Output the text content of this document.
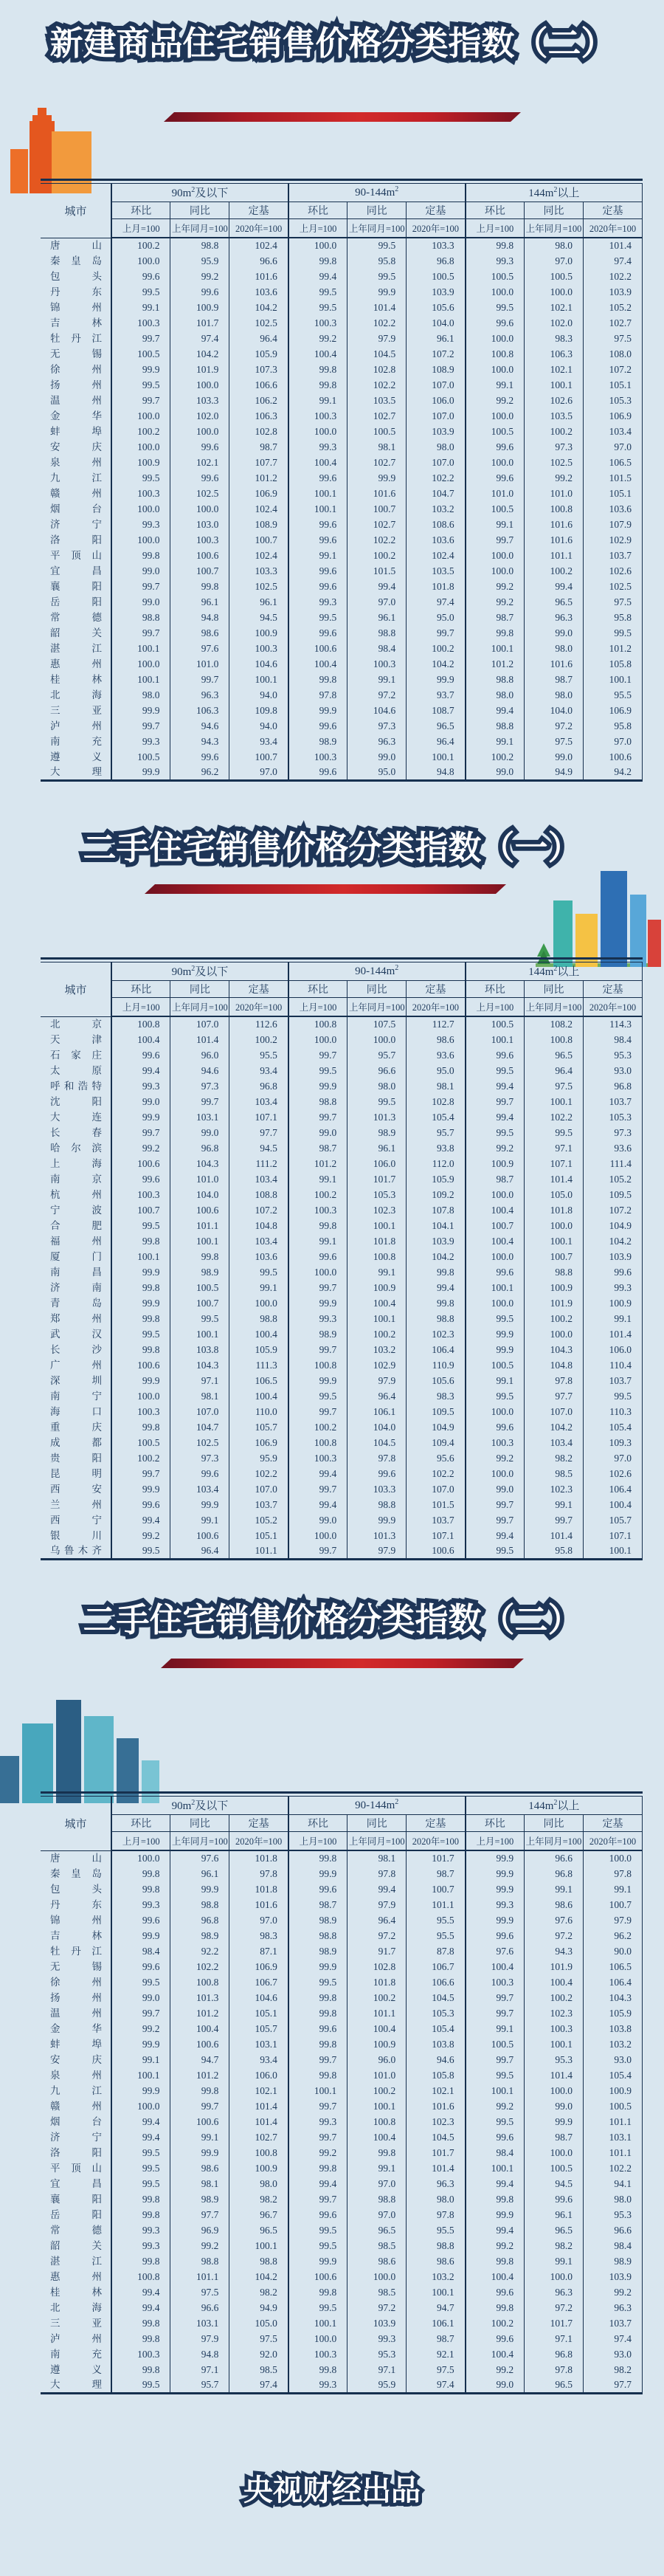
新建商品住宅销售价格分类指数（二）
城市	$90m^2$及以下			$90-144m^2$			$144m^2$以上		
	环比	同比	定基	环比	同比	定基	环比	同比	定基
	上月=100	上年同月=100	2020年=100	上月=100	上年同月=100	2020年=100	上月=100	上年同月=100	2020年=100
唐山	100.2	98.8	102.4	100.0	99.5	103.3	99.8	98.0	101.4
秦皇岛	100.0	95.9	96.6	99.8	95.8	96.8	99.3	97.0	97.4
包头	99.6	99.2	101.6	99.4	99.5	100.5	100.5	100.5	102.2
丹东	99.5	99.6	103.6	99.5	99.9	103.9	100.0	100.0	103.9
锦州	99.1	100.9	104.2	99.5	101.4	105.6	99.5	102.1	105.2
吉林	100.3	101.7	102.5	100.3	102.2	104.0	99.6	102.0	102.7
牡丹江	99.7	97.4	96.4	99.2	97.9	96.1	100.0	98.3	97.5
无锡	100.5	104.2	105.9	100.4	104.5	107.2	100.8	106.3	108.0
徐州	99.9	101.9	107.3	99.8	102.8	108.9	100.0	102.1	107.2
扬州	99.5	100.0	106.6	99.8	102.2	107.0	99.1	100.1	105.1
温州	99.7	103.3	106.2	99.1	103.5	106.0	99.2	102.6	105.3
金华	100.0	102.0	106.3	100.3	102.7	107.0	100.0	103.5	106.9
蚌埠	100.2	100.0	102.8	100.0	100.5	103.9	100.5	100.2	103.4
安庆	100.0	99.6	98.7	99.3	98.1	98.0	99.6	97.3	97.0
泉州	100.9	102.1	107.7	100.4	102.7	107.0	100.0	102.5	106.5
九江	99.5	99.6	101.2	99.6	99.9	102.2	99.6	99.2	101.5
赣州	100.3	102.5	106.9	100.1	101.6	104.7	101.0	101.0	105.1
烟台	100.0	100.0	102.4	100.1	100.7	103.2	100.5	100.8	103.6
济宁	99.3	103.0	108.9	99.6	102.7	108.6	99.1	101.6	107.9
洛阳	100.0	100.3	100.7	99.6	102.2	103.6	99.7	101.6	102.9
平顶山	99.8	100.6	102.4	99.1	100.2	102.4	100.0	101.1	103.7
宜昌	99.0	100.7	103.3	99.6	101.5	103.5	100.0	100.2	102.6
襄阳	99.7	99.8	102.5	99.6	99.4	101.8	99.2	99.4	102.5
岳阳	99.0	96.1	96.1	99.3	97.0	97.4	99.2	96.5	97.5
常德	98.8	94.8	94.5	99.5	96.1	95.0	98.7	96.3	95.8
韶关	99.7	98.6	100.9	99.6	98.8	99.7	99.8	99.0	99.5
湛江	100.1	97.6	100.3	100.6	98.4	100.2	100.1	98.0	101.2
惠州	100.0	101.0	104.6	100.4	100.3	104.2	101.2	101.6	105.8
桂林	100.1	99.7	100.1	99.8	99.1	99.9	98.8	98.7	100.1
北海	98.0	96.3	94.0	97.8	97.2	93.7	98.0	98.0	95.5
三亚	99.9	106.3	109.8	99.9	104.6	108.7	99.4	104.0	106.9
泸州	99.7	94.6	94.0	99.6	97.3	96.5	98.8	97.2	95.8
南充	99.3	94.3	93.4	98.9	96.3	96.4	99.1	97.5	97.0
遵义	100.5	99.6	100.7	100.3	99.0	100.1	100.2	99.0	100.6
大理	99.9	96.2	97.0	99.6	95.0	94.8	99.0	94.9	94.2
二手住宅销售价格分类指数（一）
城市	$90m^2$及以下			$90-144m^2$			$144m^2$以上		
	环比	同比	定基	环比	同比	定基	环比	同比	定基
	上月=100	上年同月=100	2020年=100	上月=100	上年同月=100	2020年=100	上月=100	上年同月=100	2020年=100
北京	100.8	107.0	112.6	100.8	107.5	112.7	100.5	108.2	114.3
天津	100.4	101.4	100.2	100.0	100.0	98.6	100.1	100.8	98.4
石家庄	99.6	96.0	95.5	99.7	95.7	93.6	99.6	96.5	95.3
太原	99.4	94.6	93.4	99.5	96.6	95.0	99.5	96.4	93.0
呼和浩特	99.3	97.3	96.8	99.9	98.0	98.1	99.4	97.5	96.8
沈阳	99.0	99.7	103.4	98.8	99.5	102.8	99.7	100.1	103.7
大连	99.9	103.1	107.1	99.7	101.3	105.4	99.4	102.2	105.3
长春	99.7	99.0	97.7	99.0	98.9	95.7	99.5	99.5	97.3
哈尔滨	99.2	96.8	94.5	98.7	96.1	93.8	99.2	97.1	93.6
上海	100.6	104.3	111.2	101.2	106.0	112.0	100.9	107.1	111.4
南京	99.6	101.0	103.4	99.1	101.7	105.9	98.7	101.4	105.2
杭州	100.3	104.0	108.8	100.2	105.3	109.2	100.0	105.0	109.5
宁波	100.7	100.6	107.2	100.3	102.3	107.8	100.4	101.8	107.2
合肥	99.5	101.1	104.8	99.8	100.1	104.1	100.7	100.0	104.9
福州	99.8	100.1	103.4	99.1	101.8	103.9	100.4	100.1	104.2
厦门	100.1	99.8	103.6	99.6	100.8	104.2	100.0	100.7	103.9
南昌	99.9	98.9	99.5	100.0	99.1	99.8	99.6	98.8	99.6
济南	99.8	100.5	99.1	99.7	100.9	99.4	100.1	100.9	99.3
青岛	99.9	100.7	100.0	99.9	100.4	99.8	100.0	101.9	100.9
郑州	99.8	99.5	98.8	99.3	100.1	98.8	99.5	100.2	99.1
武汉	99.5	100.1	100.4	98.9	100.2	102.3	99.9	100.0	101.4
长沙	99.8	103.8	105.9	99.7	103.2	106.4	99.9	104.3	106.0
广州	100.6	104.3	111.3	100.8	102.9	110.9	100.5	104.8	110.4
深圳	99.9	97.1	106.5	99.9	97.9	105.6	99.1	97.8	103.7
南宁	100.0	98.1	100.4	99.5	96.4	98.3	99.5	97.7	99.5
海口	100.3	107.0	110.0	99.7	106.1	109.5	100.0	107.0	110.3
重庆	99.8	104.7	105.7	100.2	104.0	104.9	99.6	104.2	105.4
成都	100.5	102.5	106.9	100.8	104.5	109.4	100.3	103.4	109.3
贵阳	100.2	97.3	95.9	100.3	97.8	95.6	99.2	98.2	97.0
昆明	99.7	99.6	102.2	99.4	99.6	102.2	100.0	98.5	102.6
西安	99.9	103.4	107.0	99.7	103.3	107.0	99.0	102.3	106.4
兰州	99.6	99.9	103.7	99.4	98.8	101.5	99.7	99.1	100.4
西宁	99.4	99.1	105.2	99.0	99.9	103.7	99.7	99.7	105.7
银川	99.2	100.6	105.1	100.0	101.3	107.1	99.4	101.4	107.1
乌鲁木齐	99.5	96.4	101.1	99.7	97.9	100.6	99.5	95.8	100.1
二手住宅销售价格分类指数（二）
城市	$90m^2$及以下			$90-144m^2$			$144m^2$以上		
	环比	同比	定基	环比	同比	定基	环比	同比	定基
	上月=100	上年同月=100	2020年=100	上月=100	上年同月=100	2020年=100	上月=100	上年同月=100	2020年=100
唐山	100.0	97.6	101.8	99.8	98.1	101.7	99.9	96.6	100.0
秦皇岛	99.8	96.1	97.8	99.9	97.8	98.7	99.9	96.8	97.8
包头	99.8	99.9	101.8	99.6	99.4	100.7	99.9	99.1	99.1
丹东	99.3	98.8	101.6	98.7	97.9	101.1	99.3	98.6	100.7
锦州	99.6	96.8	97.0	98.9	96.4	95.5	99.9	97.6	97.9
吉林	99.9	98.9	98.3	98.8	97.2	95.5	99.6	97.2	96.2
牡丹江	98.4	92.2	87.1	98.9	91.7	87.8	97.6	94.3	90.0
无锡	99.6	102.2	106.9	99.9	102.8	106.7	100.4	101.9	106.5
徐州	99.5	100.8	106.7	99.5	101.8	106.6	100.3	100.4	106.4
扬州	99.0	101.3	104.6	99.8	100.2	104.5	99.7	100.2	104.3
温州	99.7	101.2	105.1	99.8	101.1	105.3	99.7	102.3	105.9
金华	99.2	100.4	105.7	99.6	100.4	105.4	99.1	100.3	103.8
蚌埠	99.9	100.6	103.1	99.8	100.9	103.8	100.5	100.1	103.2
安庆	99.1	94.7	93.4	99.7	96.0	94.6	99.7	95.3	93.0
泉州	100.1	101.2	106.0	99.8	101.0	105.8	99.5	101.4	105.4
九江	99.9	99.8	102.1	100.1	100.2	102.1	100.1	100.0	100.9
赣州	100.0	99.7	101.4	99.7	100.1	101.6	99.2	99.0	100.5
烟台	99.4	100.6	101.4	99.3	100.8	102.3	99.5	99.9	101.1
济宁	99.4	99.1	102.7	99.7	100.4	104.5	99.6	98.7	103.1
洛阳	99.5	99.9	100.8	99.2	99.8	101.7	98.4	100.0	101.1
平顶山	99.5	98.6	100.9	99.8	99.1	101.4	100.1	100.5	102.2
宜昌	99.5	98.1	98.0	99.4	97.0	96.3	99.4	94.5	94.1
襄阳	99.8	98.9	98.2	99.7	98.8	98.0	99.8	99.6	98.0
岳阳	99.8	97.7	96.7	99.6	97.0	97.8	99.9	96.1	95.3
常德	99.3	96.9	96.5	99.5	96.5	95.5	99.4	96.5	96.6
韶关	99.3	99.2	100.1	99.5	98.5	98.8	99.2	98.2	98.4
湛江	99.8	98.8	98.8	99.9	98.6	98.6	99.8	99.1	98.9
惠州	100.8	101.1	104.2	100.6	100.0	103.2	100.4	100.0	103.9
桂林	99.4	97.5	98.2	99.8	98.5	100.1	99.6	96.3	99.2
北海	99.4	96.6	94.9	99.5	97.2	94.7	99.8	97.2	96.3
三亚	99.8	103.1	105.0	100.1	103.9	106.1	100.2	101.7	103.7
泸州	99.8	97.9	97.5	100.0	99.3	98.7	99.6	97.1	97.4
南充	100.3	94.8	92.0	100.3	95.3	92.1	100.4	96.8	93.0
遵义	99.8	97.1	98.5	99.8	97.1	97.5	99.2	97.8	98.2
大理	99.5	95.7	97.4	99.3	95.9	97.4	99.0	96.5	97.7
央视财经出品
